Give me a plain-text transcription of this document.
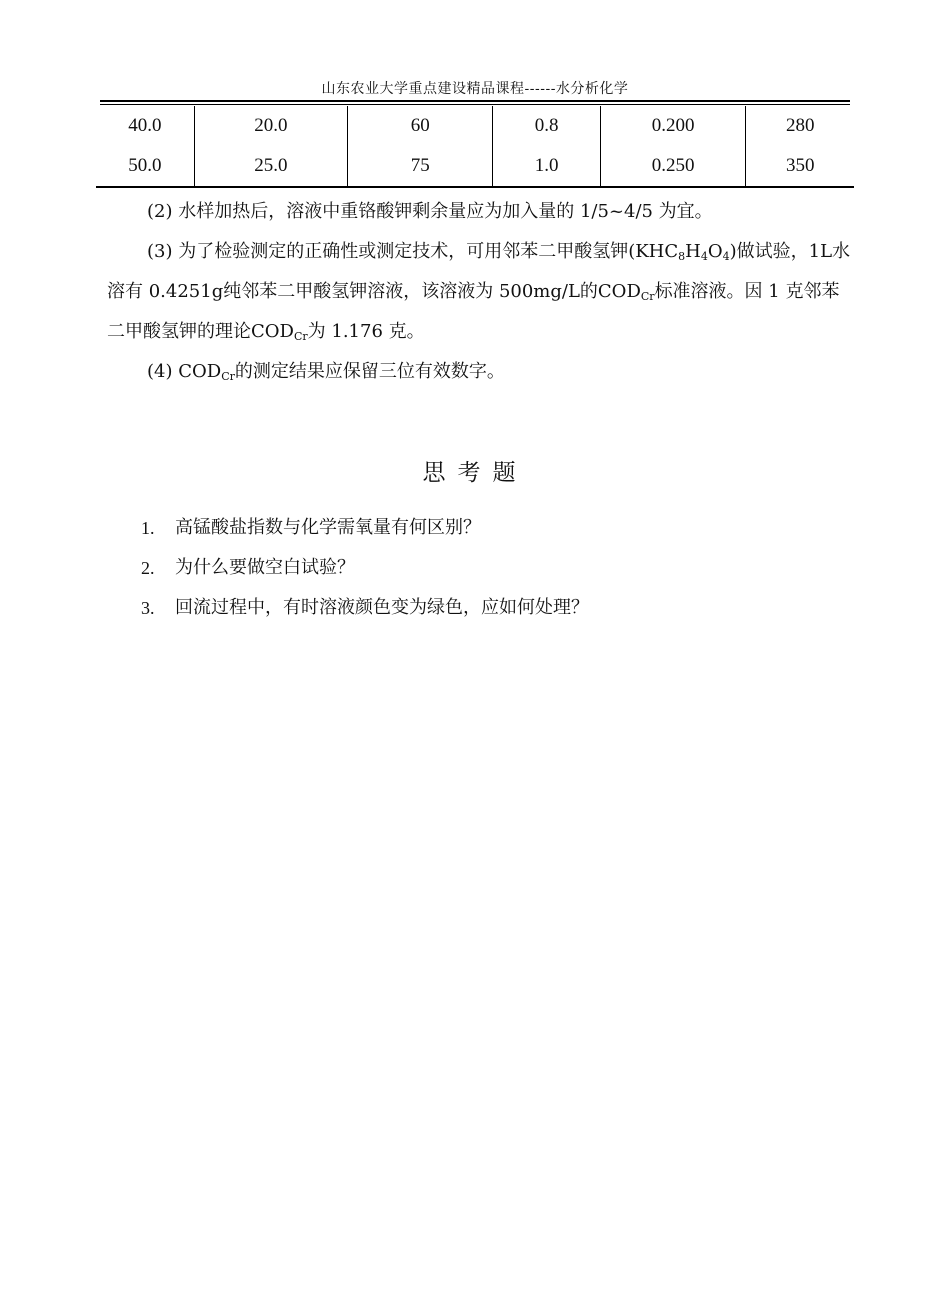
山东农业大学重点建设精品课程------水分析化学
40.0	20.0	60	0.8	0.200	280
50.0	25.0	75	1.0	0.250	350

(2) 水样加热后，溶液中重铬酸钾剩余量应为加入量的 1/5~4/5 为宜。

(3) 为了检验测定的正确性或测定技术，可用邻苯二甲酸氢钾$(KHC_8H_4O_4)$做试验，1L水溶有 0.4251g纯邻苯二甲酸氢钾溶液，该溶液为 500mg/L的$COD_{Cr}$标准溶液。因 1 克邻苯二甲酸氢钾的理论$COD_{Cr}$为 1.176 克。

(4) $COD_{Cr}$的测定结果应保留三位有效数字。

思考题
1.	高锰酸盐指数与化学需氧量有何区别？
2.	为什么要做空白试验？
3.	回流过程中，有时溶液颜色变为绿色，应如何处理？
